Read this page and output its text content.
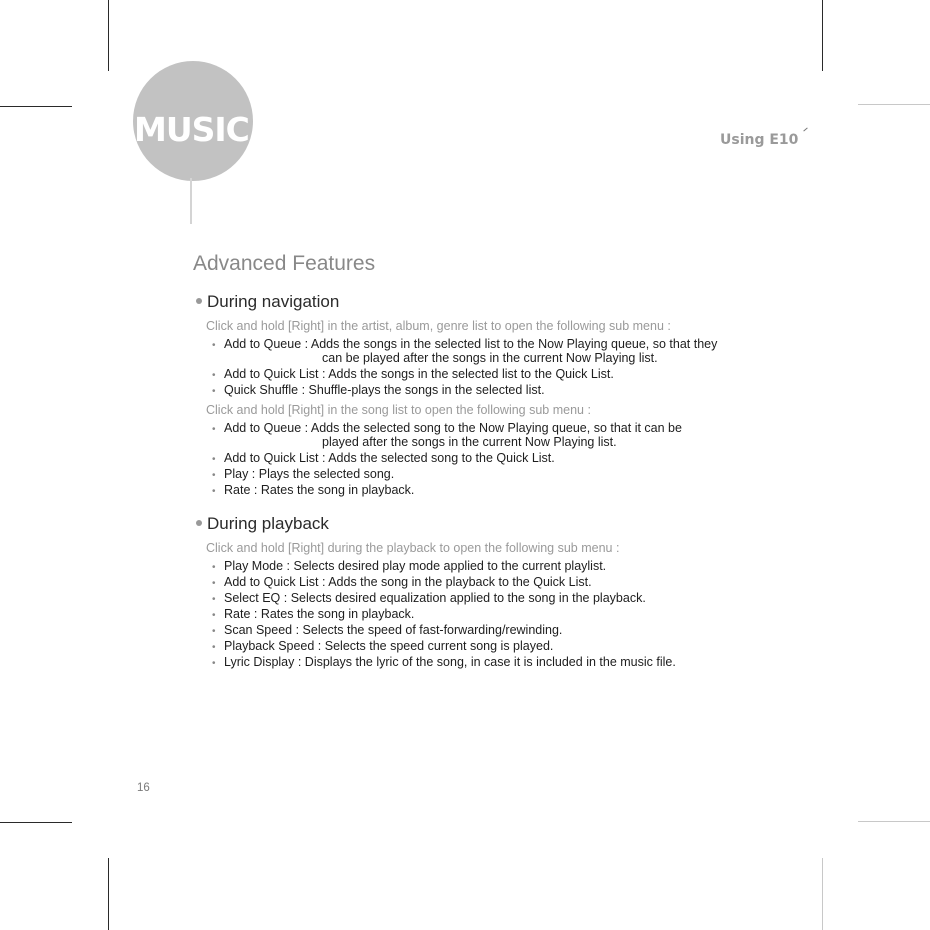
MUSIC	Using E10
Advanced Features
During navigation
Click and hold [Right] in the artist, album, genre list to open the following sub menu :
• Add to Queue : Adds the songs in the selected list to the Now Playing queue, so that they
can be played after the songs in the current Now Playing list.
• Add to Quick List : Adds the songs in the selected list to the Quick List.
• Quick Shuffle : Shuffle-plays the songs in the selected list.
Click and hold [Right] in the song list to open the following sub menu :
• Add to Queue : Adds the selected song to the Now Playing queue, so that it can be
played after the songs in the current Now Playing list.
• Add to Quick List : Adds the selected song to the Quick List.
• Play : Plays the selected song.
• Rate : Rates the song in playback.
During playback
Click and hold [Right] during the playback to open the following sub menu :
• Play Mode : Selects desired play mode applied to the current playlist.
• Add to Quick List : Adds the song in the playback to the Quick List.
• Select EQ : Selects desired equalization applied to the song in the playback.
• Rate : Rates the song in playback.
• Scan Speed : Selects the speed of fast-forwarding/rewinding.
• Playback Speed : Selects the speed current song is played.
• Lyric Display : Displays the lyric of the song, in case it is included in the music file.
16
